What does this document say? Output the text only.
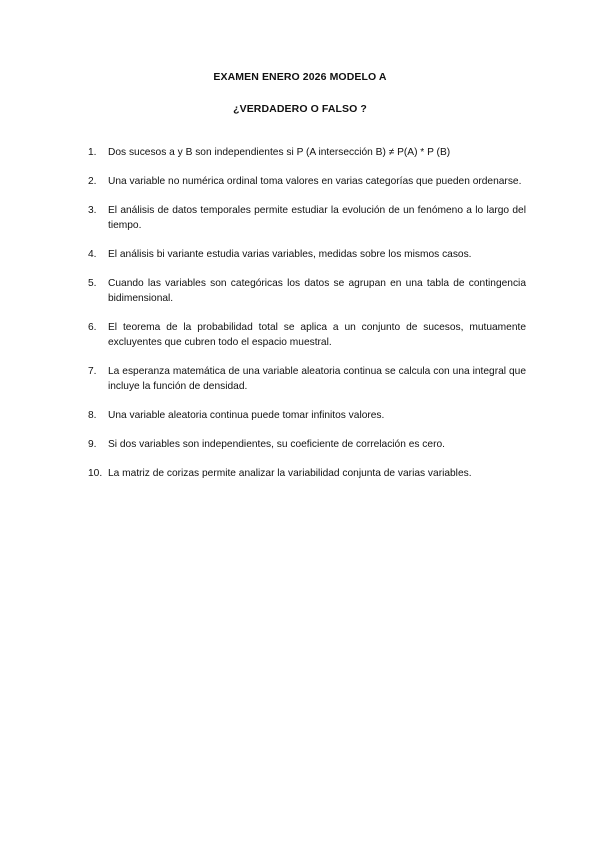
EXAMEN ENERO 2026 MODELO A

¿VERDADERO O FALSO ?

1.	Dos sucesos a y B son independientes si P (A intersección B) ≠ P(A) * P (B)
2.	Una variable no numérica ordinal toma valores en varias categorías que pueden ordenarse.
3.	El análisis de datos temporales permite estudiar la evolución de un fenómeno a lo largo del tiempo.
4.	El análisis bi variante estudia varias variables, medidas sobre los mismos casos.
5.	Cuando las variables son categóricas los datos se agrupan en una tabla de contingencia bidimensional.
6.	El teorema de la probabilidad total se aplica a un conjunto de sucesos, mutuamente excluyentes que cubren todo el espacio muestral.
7.	La esperanza matemática de una variable aleatoria continua se calcula con una integral que incluye la función de densidad.
8.	Una variable aleatoria continua puede tomar infinitos valores.
9.	Si dos variables son independientes, su coeficiente de correlación es cero.
10. La matriz de corizas permite analizar la variabilidad conjunta de varias variables.
